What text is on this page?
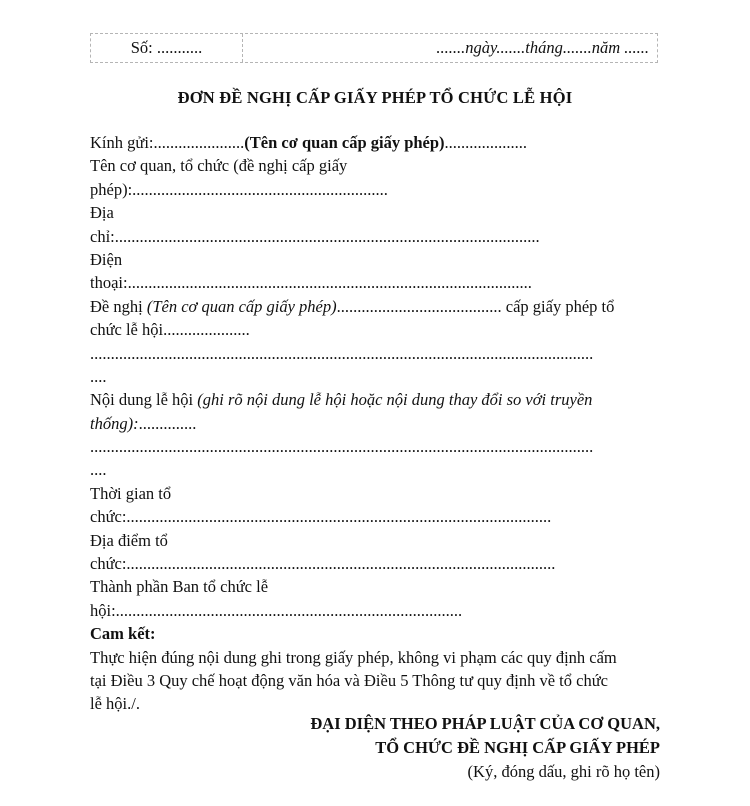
Số: ...........	.......ngày.......tháng.......năm ......
ĐƠN ĐỀ NGHỊ CẤP GIẤY PHÉP TỔ CHỨC LỄ HỘI
Kính gửi:......................(Tên cơ quan cấp giấy phép)....................
Tên cơ quan, tổ chức (đề nghị cấp giấy
phép):..............................................................
Địa
chỉ:.......................................................................................................
Điện
thoại:..................................................................................................
Đề nghị (Tên cơ quan cấp giấy phép)........................................ cấp giấy phép tổ
chức lễ hội.....................
..........................................................................................................................
....
Nội dung lễ hội (ghi rõ nội dung lễ hội hoặc nội dung thay đổi so với truyền
thống):..............
..........................................................................................................................
....
Thời gian tổ
chức:.......................................................................................................
Địa điểm tổ
chức:........................................................................................................
Thành phần Ban tổ chức lễ
hội:....................................................................................
Cam kết:
Thực hiện đúng nội dung ghi trong giấy phép, không vi phạm các quy định cấm
tại Điều 3 Quy chế hoạt động văn hóa và Điều 5 Thông tư quy định về tổ chức
lễ hội./.
ĐẠI DIỆN THEO PHÁP LUẬT CỦA CƠ QUAN,
TỔ CHỨC ĐỀ NGHỊ CẤP GIẤY PHÉP
(Ký, đóng dấu, ghi rõ họ tên)
